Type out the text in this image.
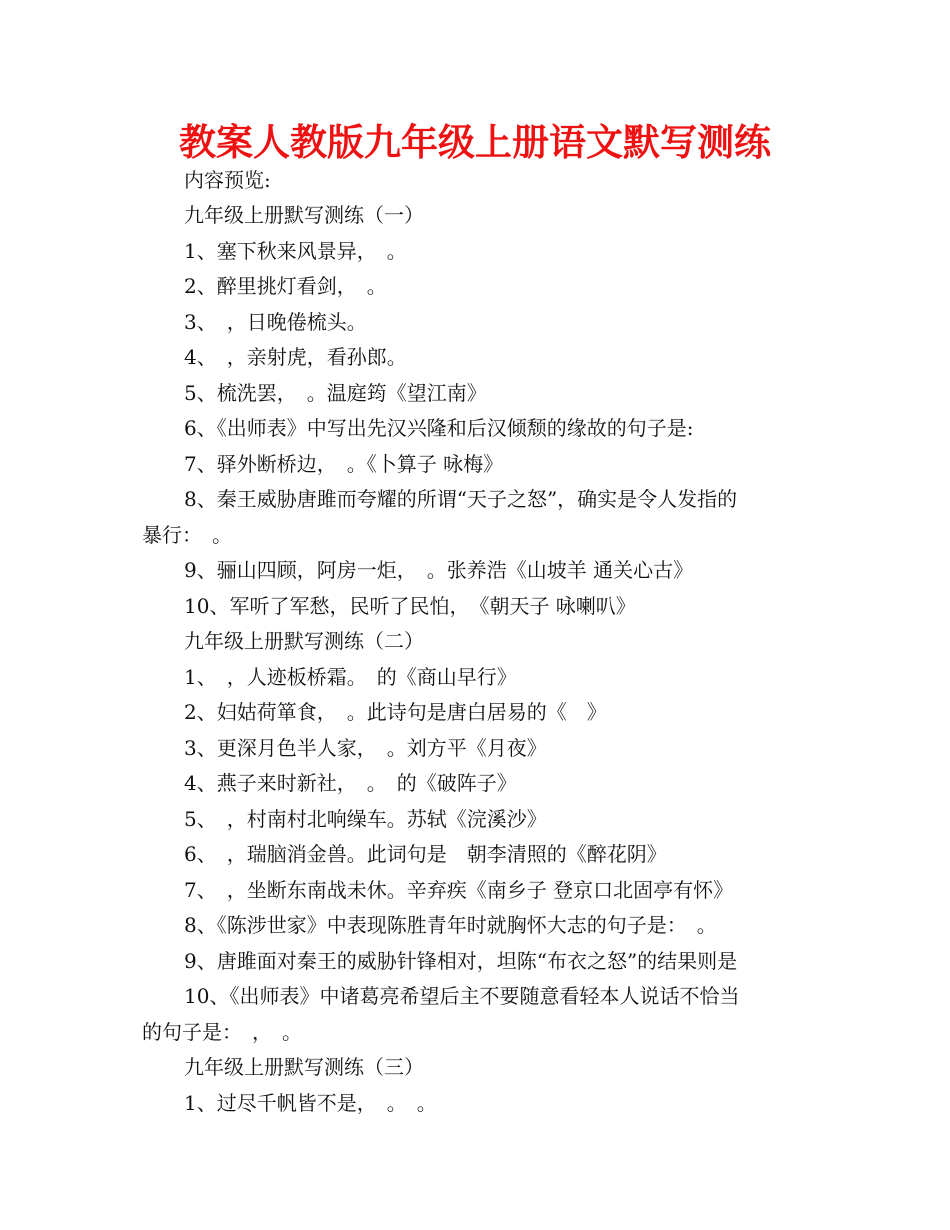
教案人教版九年级上册语文默写测练
内容预览:
九年级上册默写测练（一）
1、塞下秋来风景异，　。
2、醉里挑灯看剑，　。
3、　，日晚倦梳头。
4、　，亲射虎，看孙郎。
5、梳洗罢，　。温庭筠《望江南》
6、《出师表》中写出先汉兴隆和后汉倾颓的缘故的句子是:
7、驿外断桥边，　。《卜算子 咏梅》
8、秦王威胁唐雎而夸耀的所谓“天子之怒”，确实是令人发指的
暴行：　。
9、骊山四顾，阿房一炬，　。张养浩《山坡羊 通关心古》
10、军听了军愁，民听了民怕，　《朝天子 咏喇叭》
九年级上册默写测练（二）
1、　，人迹板桥霜。　的《商山早行》
2、妇姑荷箪食，　。此诗句是唐白居易的《　》
3、更深月色半人家，　。刘方平《月夜》
4、燕子来时新社，　。　的《破阵子》
5、　，村南村北响缲车。苏轼《浣溪沙》
6、　，瑞脑消金兽。此词句是　朝李清照的《醉花阴》
7、　，坐断东南战未休。辛弃疾《南乡子 登京口北固亭有怀》
8、《陈涉世家》中表现陈胜青年时就胸怀大志的句子是：　。
9、唐雎面对秦王的威胁针锋相对，坦陈“布衣之怒”的结果则是
10、《出师表》中诸葛亮希望后主不要随意看轻本人说话不恰当
的句子是：　，　。
九年级上册默写测练（三）
1、过尽千帆皆不是，　。　。
